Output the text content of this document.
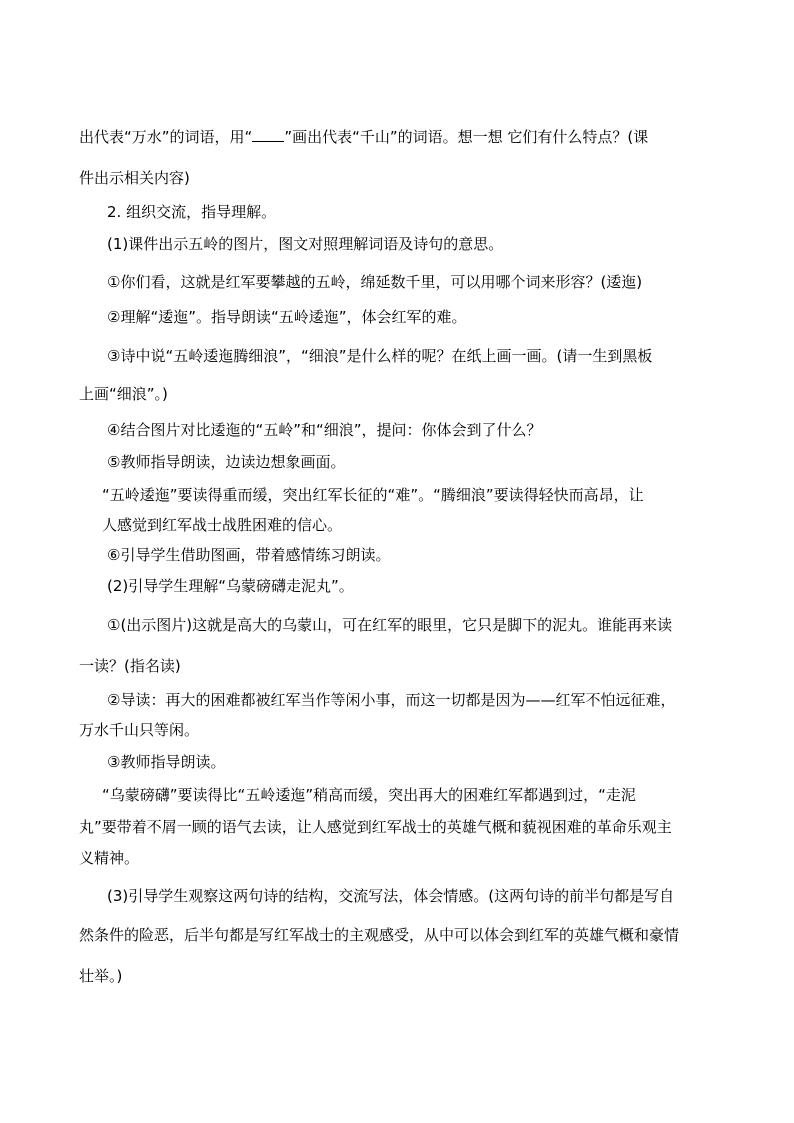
出代表“万水”的词语，用“ ”画出代表“千山”的词语。想一想 它们有什么特点？(课
件出示相关内容)
2. 组织交流，指导理解。
(1)课件出示五岭的图片，图文对照理解词语及诗句的意思。
①你们看，这就是红军要攀越的五岭，绵延数千里，可以用哪个词来形容？(逶迤)
②理解“逶迤”。指导朗读“五岭逶迤”，体会红军的难。
③诗中说“五岭逶迤腾细浪”，“细浪”是什么样的呢？在纸上画一画。(请一生到黑板
上画“细浪”。)
④结合图片对比逶迤的“五岭”和“细浪”，提问：你体会到了什么？
⑤教师指导朗读，边读边想象画面。
“五岭逶迤”要读得重而缓，突出红军长征的“难”。“腾细浪”要读得轻快而高昂，让
人感觉到红军战士战胜困难的信心。
⑥引导学生借助图画，带着感情练习朗读。
(2)引导学生理解“乌蒙磅礴走泥丸”。
①(出示图片)这就是高大的乌蒙山，可在红军的眼里，它只是脚下的泥丸。谁能再来读
一读？(指名读)
②导读：再大的困难都被红军当作等闲小事，而这一切都是因为——红军不怕远征难，
万水千山只等闲。
③教师指导朗读。
“乌蒙磅礴”要读得比“五岭逶迤”稍高而缓，突出再大的困难红军都遇到过，“走泥
丸”要带着不屑一顾的语气去读，让人感觉到红军战士的英雄气概和藐视困难的革命乐观主
义精神。
(3)引导学生观察这两句诗的结构，交流写法，体会情感。(这两句诗的前半句都是写自
然条件的险恶，后半句都是写红军战士的主观感受，从中可以体会到红军的英雄气概和豪情
壮举。)
